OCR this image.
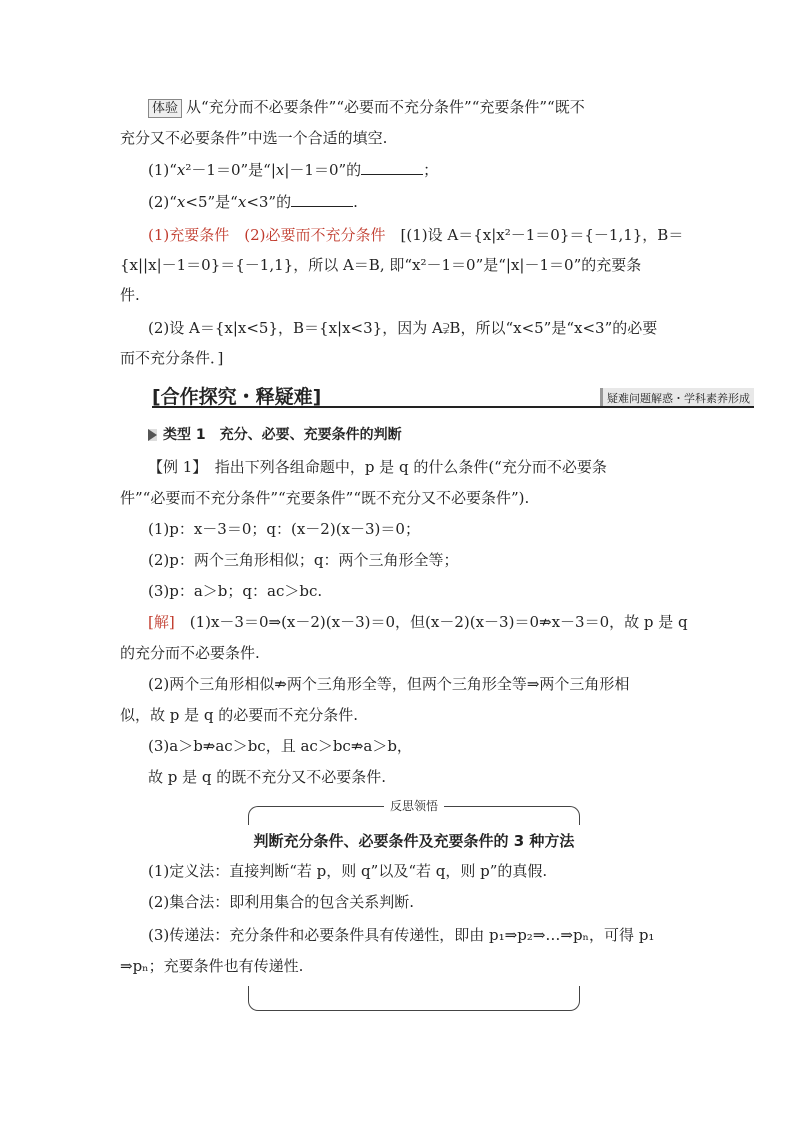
体验 从“充分而不必要条件”“必要而不充分条件”“充要条件”“既不
充分又不必要条件”中选一个合适的填空.
(1)“x²－1＝0”是“|x|－1＝0”的	；
(2)“x<5”是“x<3”的	.
(1)充要条件　(2)必要而不充分条件　[(1)设 A＝{x|x²－1＝0}＝{－1,1}，B＝
{x||x|－1＝0}＝{－1,1}，所以 A＝B, 即“x²－1＝0”是“|x|－1＝0”的充要条
件.
(2)设 A＝{x|x<5}，B＝{x|x<3}，因为 A⫌B，所以“x<5”是“x<3”的必要
而不充分条件．]
[合作探究・释疑难]	疑难问题解惑・学科素养形成
类型 1　充分、必要、充要条件的判断
【例 1】　指出下列各组命题中，p 是 q 的什么条件(“充分而不必要条
件”“必要而不充分条件”“充要条件”“既不充分又不必要条件”).
(1)p：x－3＝0；q：(x－2)(x－3)＝0；
(2)p：两个三角形相似；q：两个三角形全等；
(3)p：a＞b；q：ac＞bc.
[解]　(1)x－3＝0⇒(x－2)(x－3)＝0，但(x－2)(x－3)＝0⇏x－3＝0，故 p 是 q
的充分而不必要条件.
(2)两个三角形相似⇏两个三角形全等，但两个三角形全等⇒两个三角形相
似，故 p 是 q 的必要而不充分条件.
(3)a＞b⇏ac＞bc，且 ac＞bc⇏a＞b，
故 p 是 q 的既不充分又不必要条件.
反思领悟
判断充分条件、必要条件及充要条件的 3 种方法
(1)定义法：直接判断“若 p，则 q”以及“若 q，则 p”的真假.
(2)集合法：即利用集合的包含关系判断.
(3)传递法：充分条件和必要条件具有传递性，即由 p₁⇒p₂⇒…⇒pₙ，可得 p₁
⇒pₙ；充要条件也有传递性.
